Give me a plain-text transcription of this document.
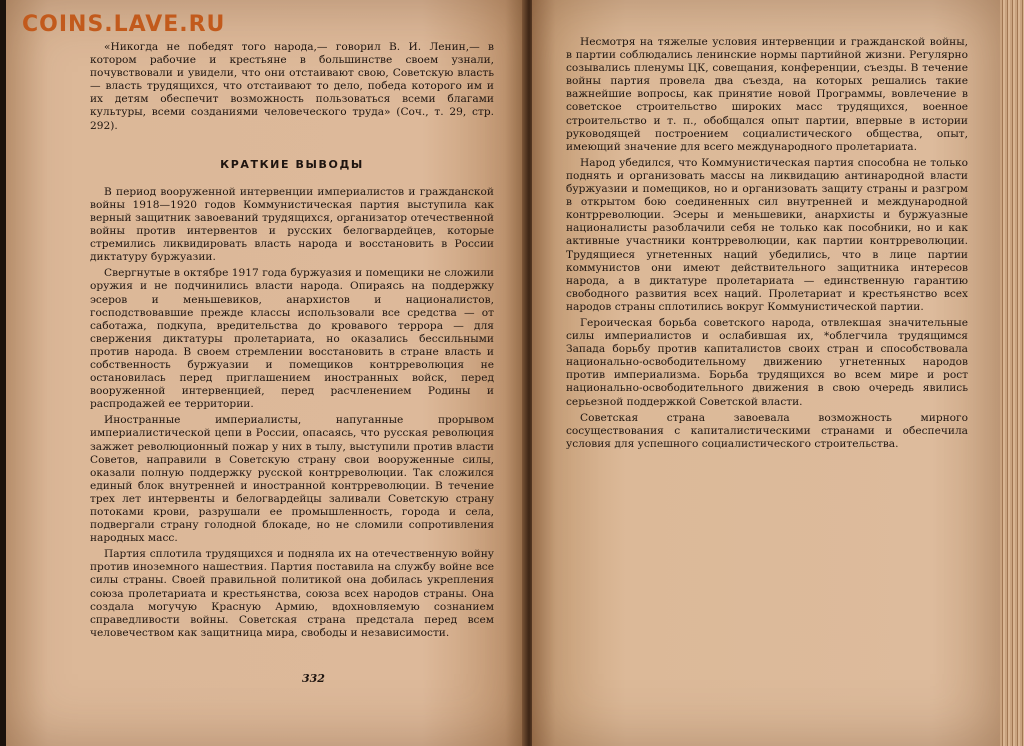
«Никогда не победят того народа,— говорил В. И. Ленин,— в котором рабочие и крестьяне в большинстве своем узнали, почувствовали и увидели, что они отстаивают свою, Советскую власть — власть трудящихся, что отстаивают то дело, победа которого им и их детям обеспечит возможность пользоваться всеми благами культуры, всеми созданиями человеческого труда» (Соч., т. 29, стр. 292).

КРАТКИЕ ВЫВОДЫ

В период вооруженной интервенции империалистов и гражданской войны 1918—1920 годов Коммунистическая партия выступила как верный защитник завоеваний трудящихся, организатор отечественной войны против интервентов и русских белогвардейцев, которые стремились ликвидировать власть народа и восстановить в России диктатуру буржуазии.

Свергнутые в октябре 1917 года буржуазия и помещики не сложили оружия и не подчинились власти народа. Опираясь на поддержку эсеров и меньшевиков, анархистов и националистов, господствовавшие прежде классы использовали все средства — от саботажа, подкупа, вредительства до кровавого террора — для свержения диктатуры пролетариата, но оказались бессильными против народа. В своем стремлении восстановить в стране власть и собственность буржуазии и помещиков контрреволюция не остановилась перед приглашением иностранных войск, перед вооруженной интервенцией, перед расчленением Родины и распродажей ее территории.

Иностранные империалисты, напуганные прорывом империалистической цепи в России, опасаясь, что русская революция зажжет революционный пожар у них в тылу, выступили против власти Советов, направили в Советскую страну свои вооруженные силы, оказали полную поддержку русской контрреволюции. Так сложился единый блок внутренней и иностранной контрреволюции. В течение трех лет интервенты и белогвардейцы заливали Советскую страну потоками крови, разрушали ее промышленность, города и села, подвергали страну голодной блокаде, но не сломили сопротивления народных масс.

Партия сплотила трудящихся и подняла их на отечественную войну против иноземного нашествия. Партия поставила на службу войне все силы страны. Своей правильной политикой она добилась укрепления союза пролетариата и крестьянства, союза всех народов страны. Она создала могучую Красную Армию, вдохновляемую сознанием справедливости войны. Советская страна предстала перед всем человечеством как защитница мира, свободы и независимости.

332

Несмотря на тяжелые условия интервенции и гражданской войны, в партии соблюдались ленинские нормы партийной жизни. Регулярно созывались пленумы ЦК, совещания, конференции, съезды. В течение войны партия провела два съезда, на которых решались такие важнейшие вопросы, как принятие новой Программы, вовлечение в советское строительство широких масс трудящихся, военное строительство и т. п., обобщался опыт партии, впервые в истории руководящей построением социалистического общества, опыт, имеющий значение для всего международного пролетариата.

Народ убедился, что Коммунистическая партия способна не только поднять и организовать массы на ликвидацию антинародной власти буржуазии и помещиков, но и организовать защиту страны и разгром в открытом бою соединенных сил внутренней и международной контрреволюции. Эсеры и меньшевики, анархисты и буржуазные националисты разоблачили себя не только как пособники, но и как активные участники контрреволюции, как партии контрреволюции. Трудящиеся угнетенных наций убедились, что в лице партии коммунистов они имеют действительного защитника интересов народа, а в диктатуре пролетариата — единственную гарантию свободного развития всех наций. Пролетариат и крестьянство всех народов страны сплотились вокруг Коммунистической партии.

Героическая борьба советского народа, отвлекшая значительные силы империалистов и ослабившая их, *облегчила трудящимся Запада борьбу против капиталистов своих стран и способствовала национально-освободительному движению угнетенных народов против империализма. Борьба трудящихся во всем мире и рост национально-освободительного движения в свою очередь явились серьезной поддержкой Советской власти.

Советская страна завоевала возможность мирного сосуществования с капиталистическими странами и обеспечила условия для успешного социалистического строительства.

COINS.LAVE.RU
